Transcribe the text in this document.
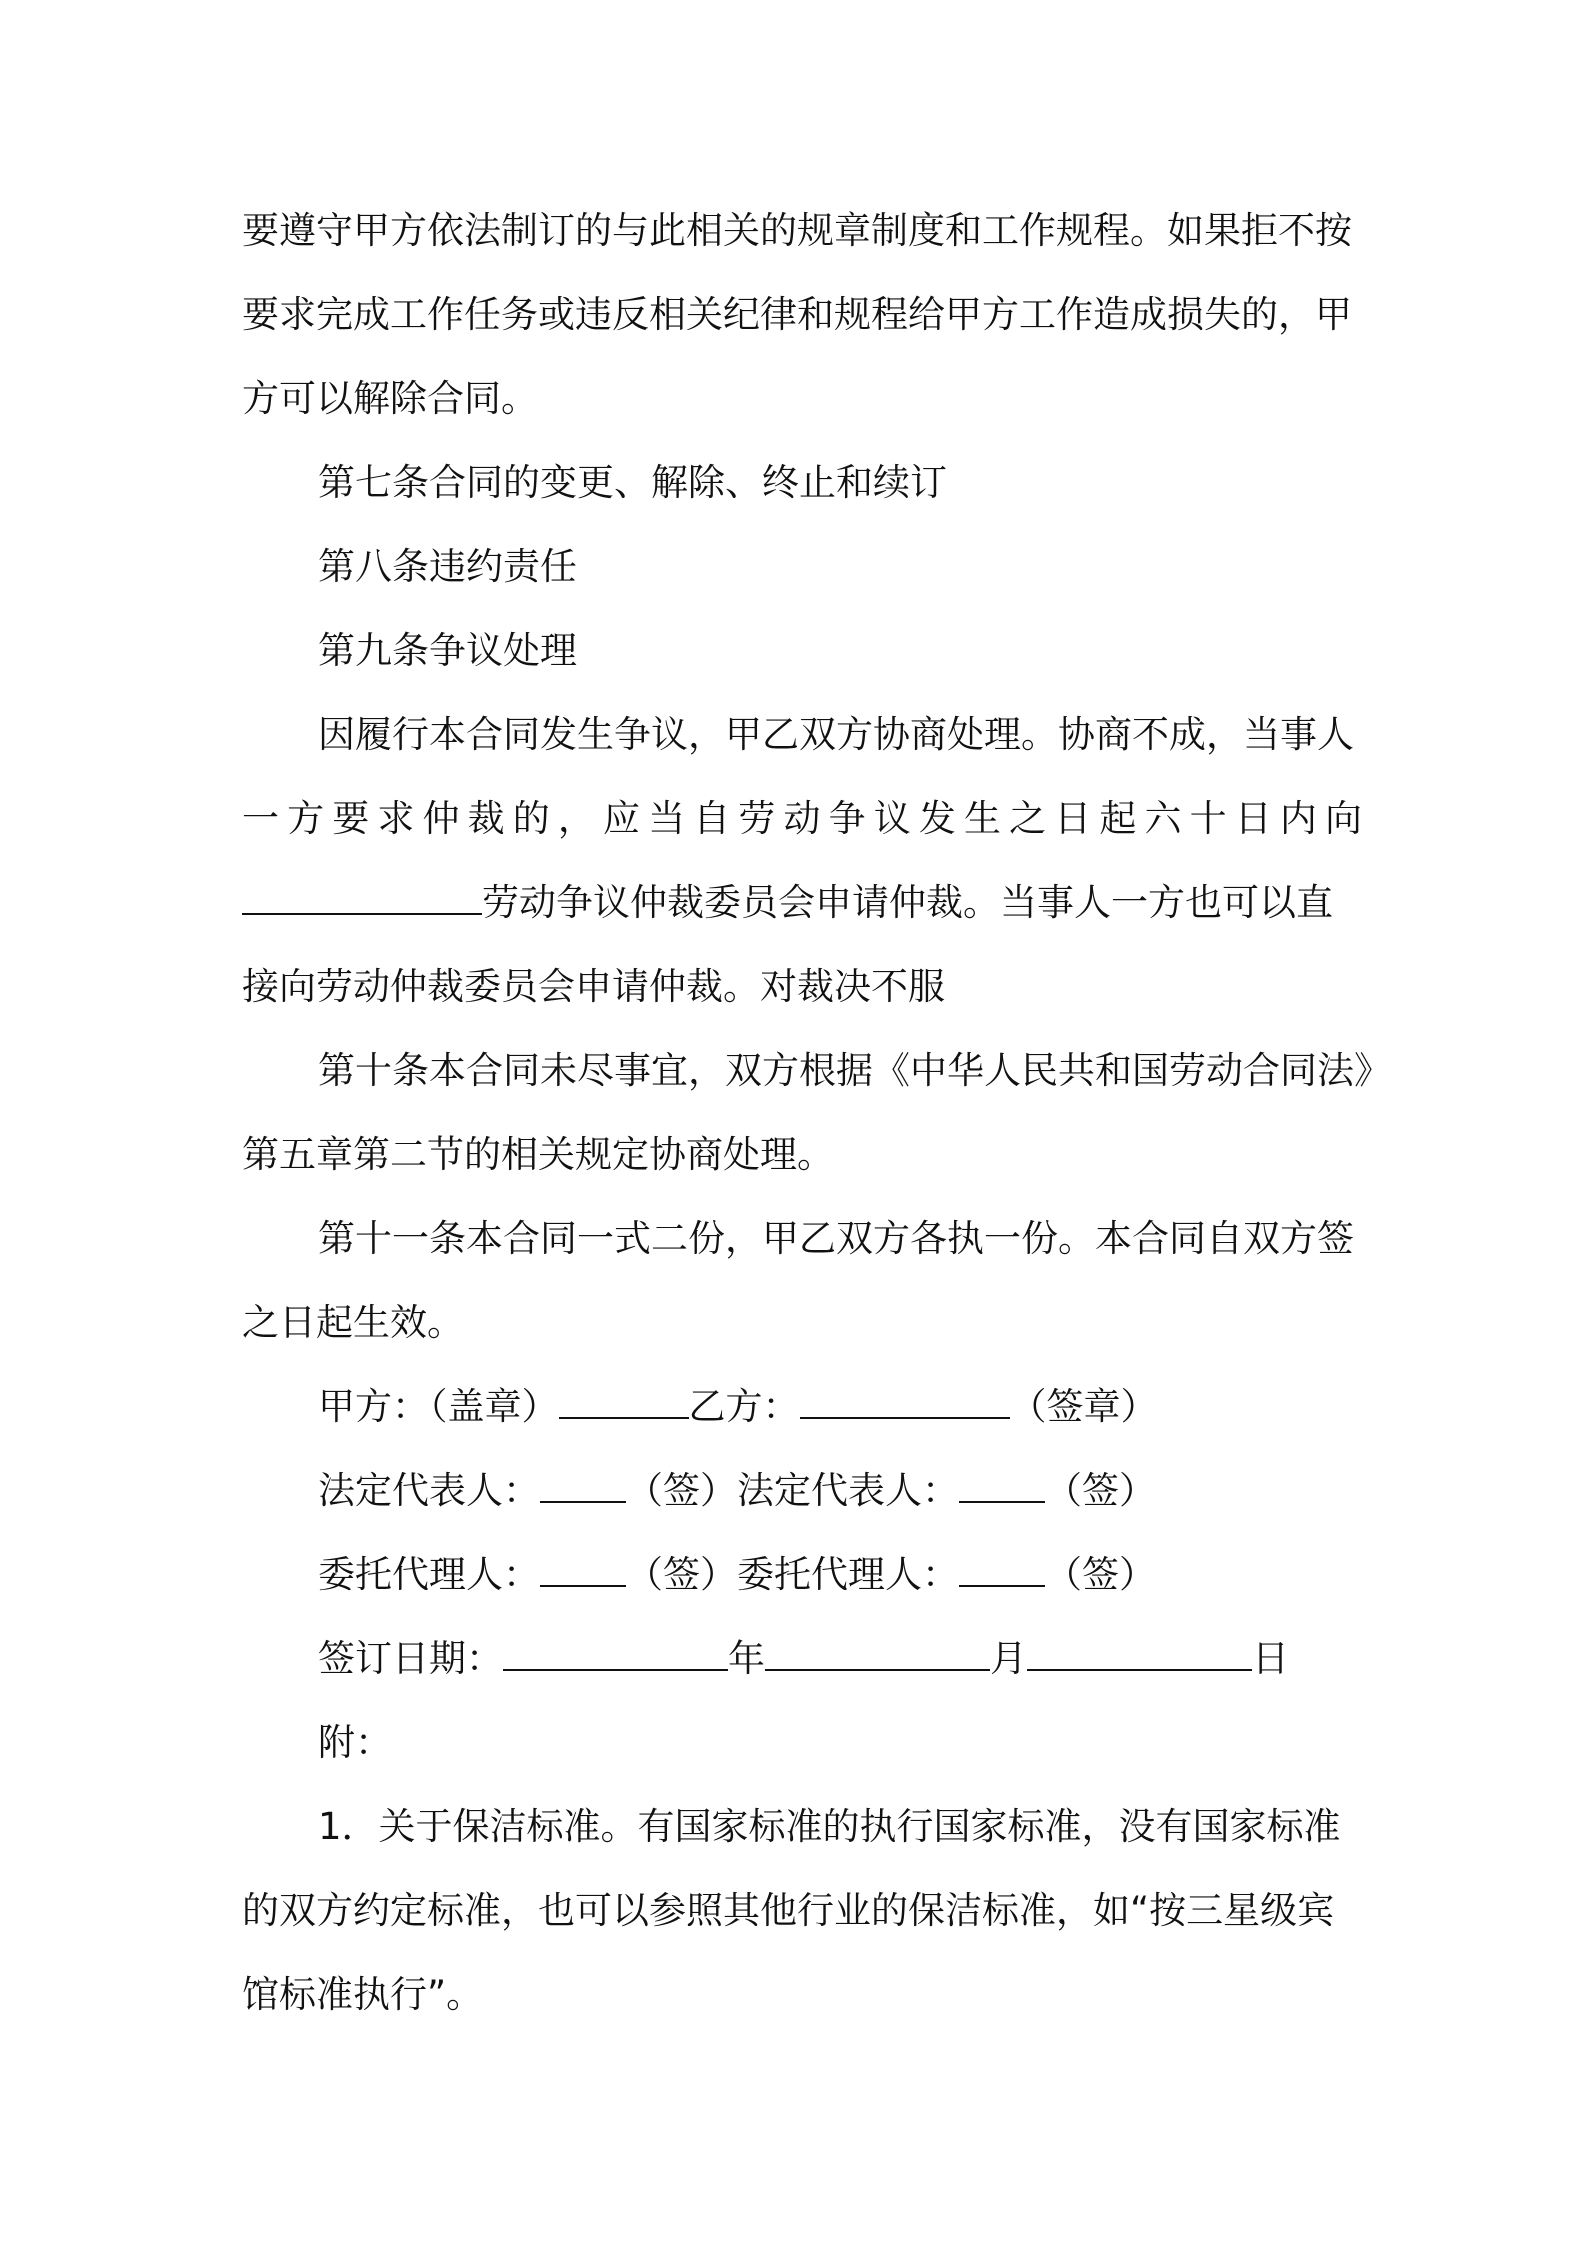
要遵守甲方依法制订的与此相关的规章制度和工作规程。如果拒不按
要求完成工作任务或违反相关纪律和规程给甲方工作造成损失的，甲
方可以解除合同。
第七条合同的变更、解除、终止和续订
第八条违约责任
第九条争议处理
因履行本合同发生争议，甲乙双方协商处理。协商不成，当事人
一方要求仲裁的，应当自劳动争议发生之日起六十日内向
劳动争议仲裁委员会申请仲裁。当事人一方也可以直
接向劳动仲裁委员会申请仲裁。对裁决不服
第十条本合同未尽事宜，双方根据《中华人民共和国劳动合同法》
第五章第二节的相关规定协商处理。
第十一条本合同一式二份，甲乙双方各执一份。本合同自双方签
之日起生效。
甲方：（盖章）	乙方：	（签章）
法定代表人： （签）法定代表人： （签）
委托代理人： （签）委托代理人： （签）
签订日期：	年	月	日
附：
1．关于保洁标准。有国家标准的执行国家标准，没有国家标准
的双方约定标准，也可以参照其他行业的保洁标准，如“按三星级宾
馆标准执行”。
